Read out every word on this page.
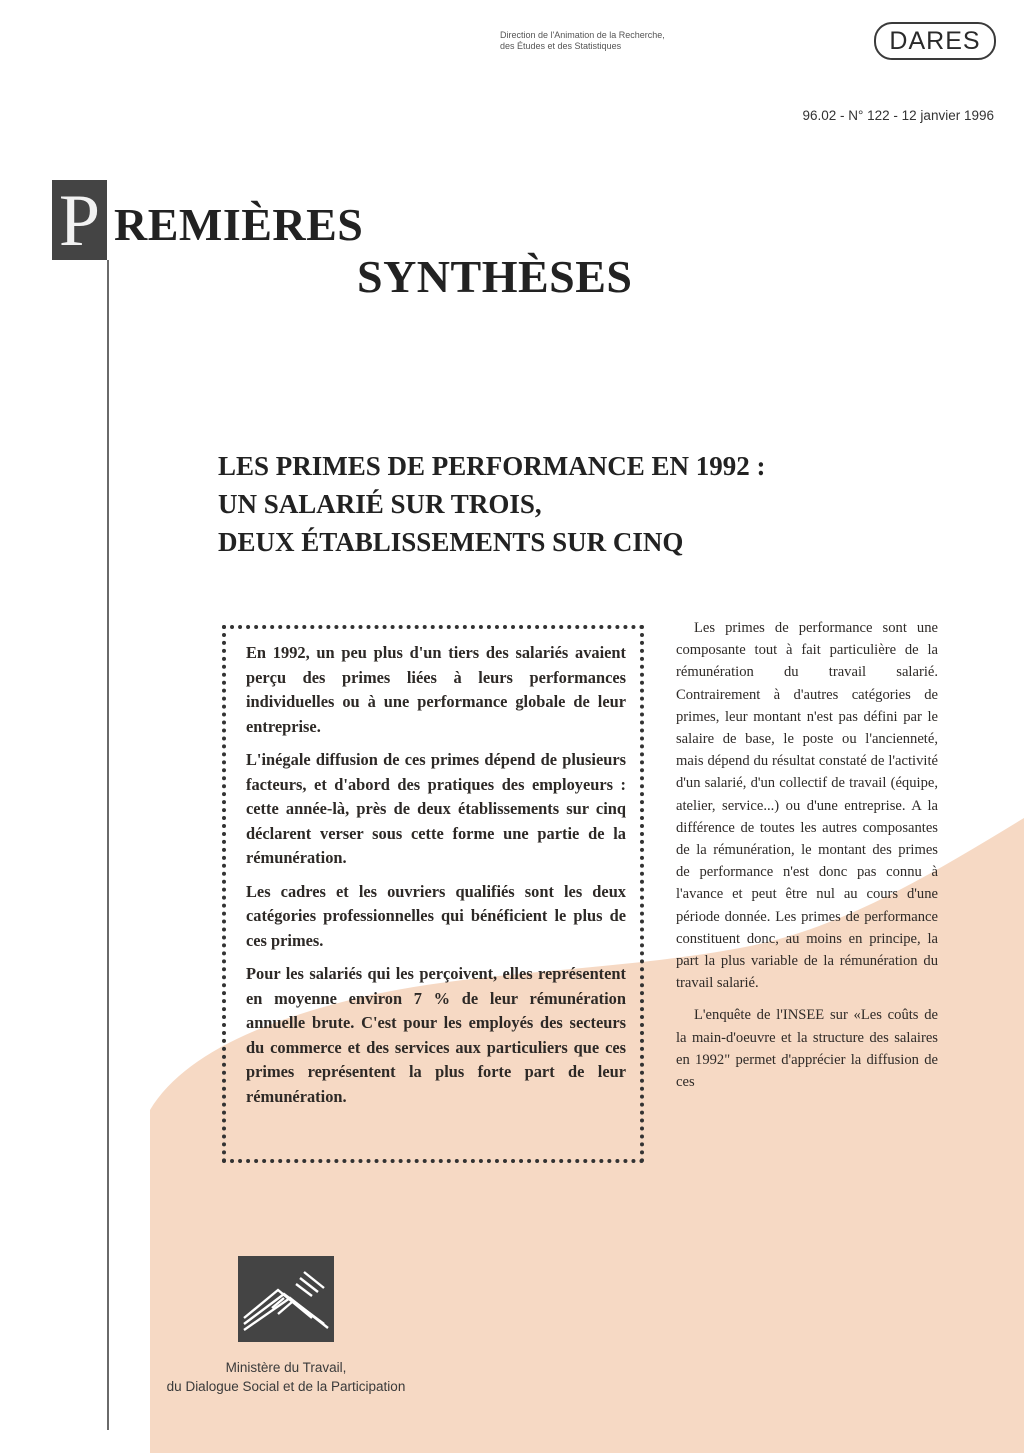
Direction de l'Animation de la Recherche,
des Études et des Statistiques	DARES
96.02 - N° 122 - 12 janvier 1996
P REMIÈRES
SYNTHÈSES
LES PRIMES DE PERFORMANCE EN 1992 :
UN SALARIÉ SUR TROIS,
DEUX ÉTABLISSEMENTS SUR CINQ

En 1992, un peu plus d'un tiers des salariés avaient perçu des primes liées à leurs performances individuelles ou à une performance globale de leur entreprise.

L'inégale diffusion de ces primes dépend de plusieurs facteurs, et d'abord des pratiques des employeurs : cette année-là, près de deux établissements sur cinq déclarent verser sous cette forme une partie de la rémunération.

Les cadres et les ouvriers qualifiés sont les deux catégories professionnelles qui bénéficient le plus de ces primes.

Pour les salariés qui les perçoivent, elles représentent en moyenne environ 7 % de leur rémunération annuelle brute. C'est pour les employés des secteurs du commerce et des services aux particuliers que ces primes représentent la plus forte part de leur rémunération.

Les primes de performance sont une composante tout à fait particulière de la rémunération du travail salarié. Contrairement à d'autres catégories de primes, leur montant n'est pas défini par le salaire de base, le poste ou l'ancienneté, mais dépend du résultat constaté de l'activité d'un salarié, d'un collectif de travail (équipe, atelier, service...) ou d'une entreprise. A la différence de toutes les autres composantes de la rémunération, le montant des primes de performance n'est donc pas connu à l'avance et peut être nul au cours d'une période donnée. Les primes de performance constituent donc, au moins en principe, la part la plus variable de la rémunération du travail salarié.

L'enquête de l'INSEE sur «Les coûts de la main-d'oeuvre et la structure des salaires en 1992" permet d'apprécier la diffusion de ces

Ministère du Travail,
du Dialogue Social et de la Participation
